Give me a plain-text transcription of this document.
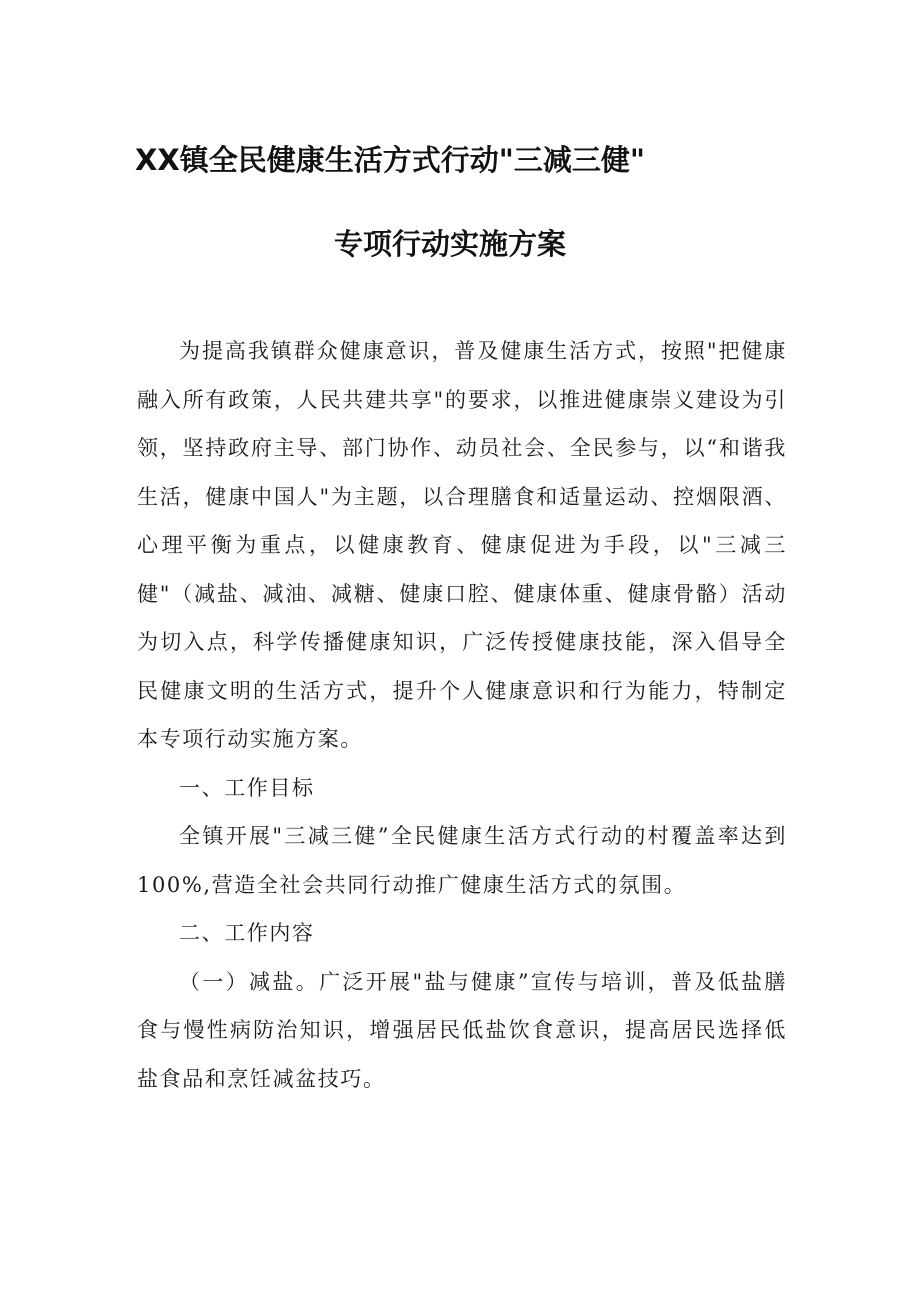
XX镇全民健康生活方式行动"三减三健"
专项行动实施方案

为提高我镇群众健康意识，普及健康生活方式，按照"把健康融入所有政策，人民共建共享"的要求，以推进健康崇义建设为引领，坚持政府主导、部门协作、动员社会、全民参与，以“和谐我生活，健康中国人"为主题，以合理膳食和适量运动、控烟限酒、心理平衡为重点，以健康教育、健康促进为手段，以"三减三健"（减盐、减油、减糖、健康口腔、健康体重、健康骨骼）活动为切入点，科学传播健康知识，广泛传授健康技能，深入倡导全民健康文明的生活方式，提升个人健康意识和行为能力，特制定本专项行动实施方案。

一、工作目标

全镇开展"三减三健”全民健康生活方式行动的村覆盖率达到100%,营造全社会共同行动推广健康生活方式的氛围。

二、工作内容

（一）减盐。广泛开展"盐与健康”宣传与培训，普及低盐膳食与慢性病防治知识，增强居民低盐饮食意识，提高居民选择低盐食品和烹饪减盆技巧。
